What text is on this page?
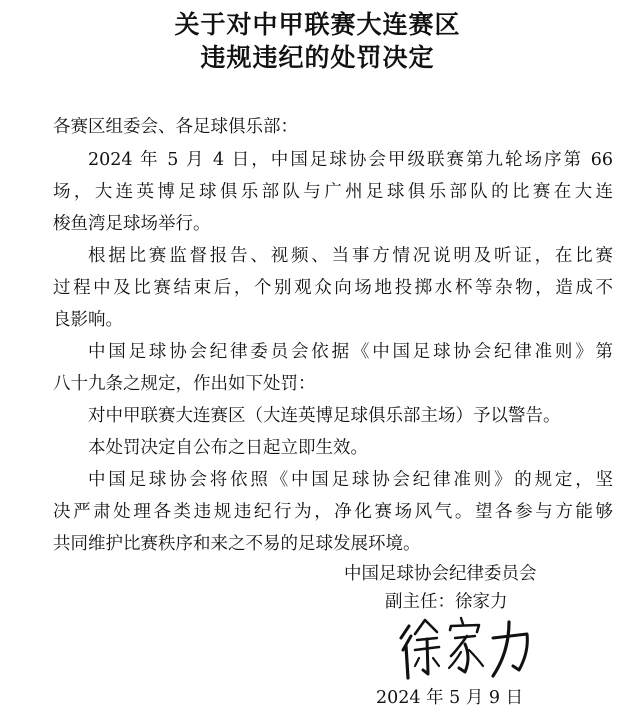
关于对中甲联赛大连赛区
违规违纪的处罚决定
各赛区组委会、各足球俱乐部：
2024 年 5 月 4 日，中国足球协会甲级联赛第九轮场序第 66
场，大连英博足球俱乐部队与广州足球俱乐部队的比赛在大连
梭鱼湾足球场举行。
根据比赛监督报告、视频、当事方情况说明及听证，在比赛
过程中及比赛结束后，个别观众向场地投掷水杯等杂物，造成不
良影响。
中国足球协会纪律委员会依据《中国足球协会纪律准则》第
八十九条之规定，作出如下处罚：
对中甲联赛大连赛区（大连英博足球俱乐部主场）予以警告。
本处罚决定自公布之日起立即生效。
中国足球协会将依照《中国足球协会纪律准则》的规定，坚
决严肃处理各类违规违纪行为，净化赛场风气。望各参与方能够
共同维护比赛秩序和来之不易的足球发展环境。
中国足球协会纪律委员会
副主任：徐家力
2024 年 5 月 9 日
